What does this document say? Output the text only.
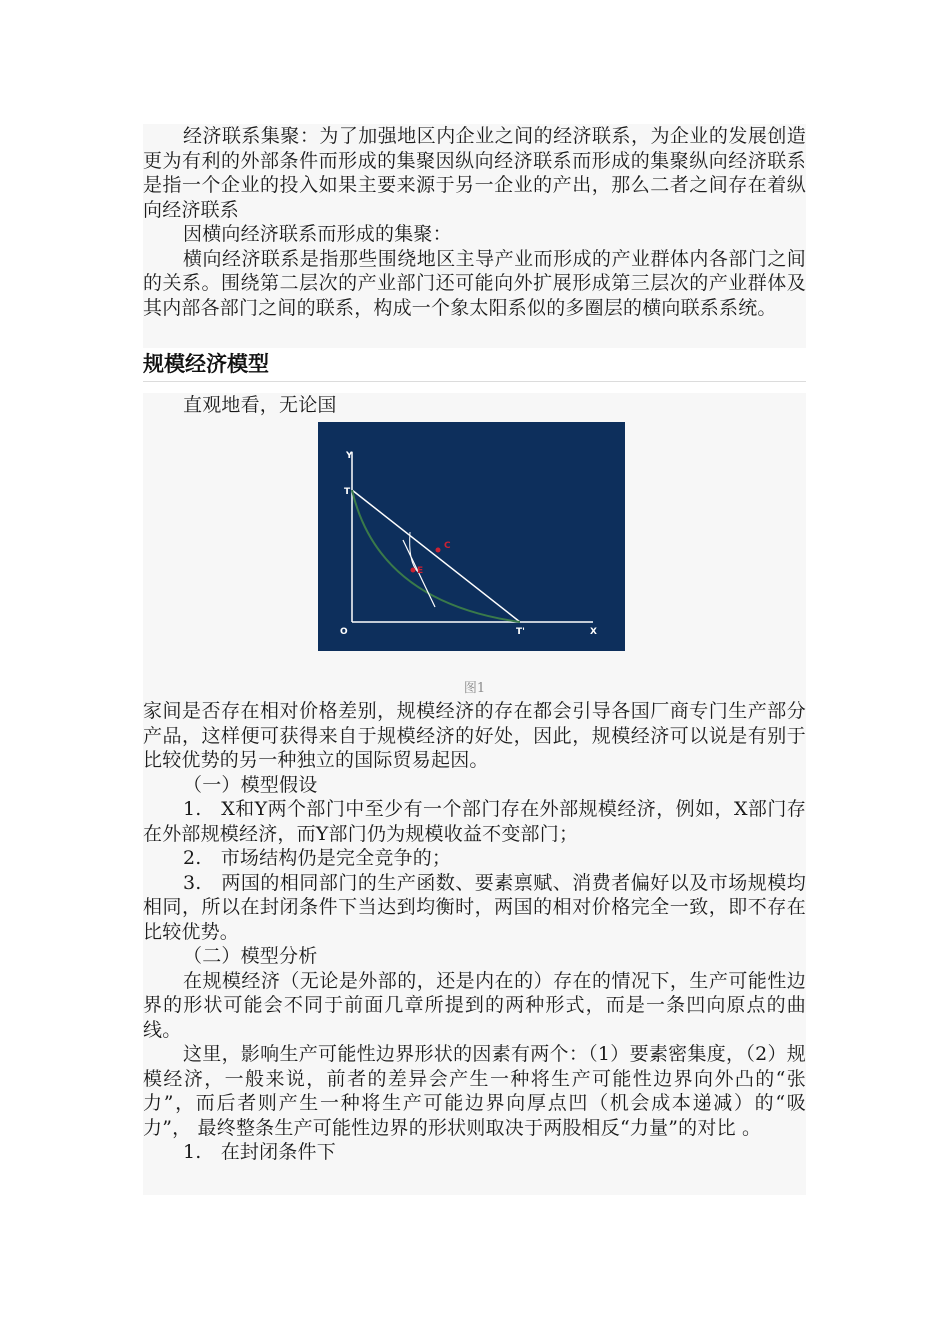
经济联系集聚：为了加强地区内企业之间的经济联系，为企业的发展创造更为有利的外部条件而形成的集聚因纵向经济联系而形成的集聚纵向经济联系是指一个企业的投入如果主要来源于另一企业的产出，那么二者之间存在着纵向经济联系

因横向经济联系而形成的集聚：

横向经济联系是指那些围绕地区主导产业而形成的产业群体内各部门之间的关系。围绕第二层次的产业部门还可能向外扩展形成第三层次的产业群体及其内部各部门之间的联系，构成一个象太阳系似的多圈层的横向联系系统。

规模经济模型

直观地看，无论国

Y
T
C
E
O	T'	X
图1

家间是否存在相对价格差别，规模经济的存在都会引导各国厂商专门生产部分产品，这样便可获得来自于规模经济的好处，因此，规模经济可以说是有别于比较优势的另一种独立的国际贸易起因。

（一）模型假设

1.　X和Y两个部门中至少有一个部门存在外部规模经济，例如，X部门存在外部规模经济，而Y部门仍为规模收益不变部门；

2.　市场结构仍是完全竞争的；

3.　两国的相同部门的生产函数、要素禀赋、消费者偏好以及市场规模均相同，所以在封闭条件下当达到均衡时，两国的相对价格完全一致，即不存在比较优势。

（二）模型分析

在规模经济（无论是外部的，还是内在的）存在的情况下，生产可能性边界的形状可能会不同于前面几章所提到的两种形式，而是一条凹向原点的曲线。

这里，影响生产可能性边界形状的因素有两个：（1）要素密集度，（2）规模经济，一般来说，前者的差异会产生一种将生产可能性边界向外凸的“张力”，而后者则产生一种将生产可能边界向厚点凹（机会成本递减）的“吸力”， 最终整条生产可能性边界的形状则取决于两股相反“力量”的对比 。

1.　在封闭条件下
